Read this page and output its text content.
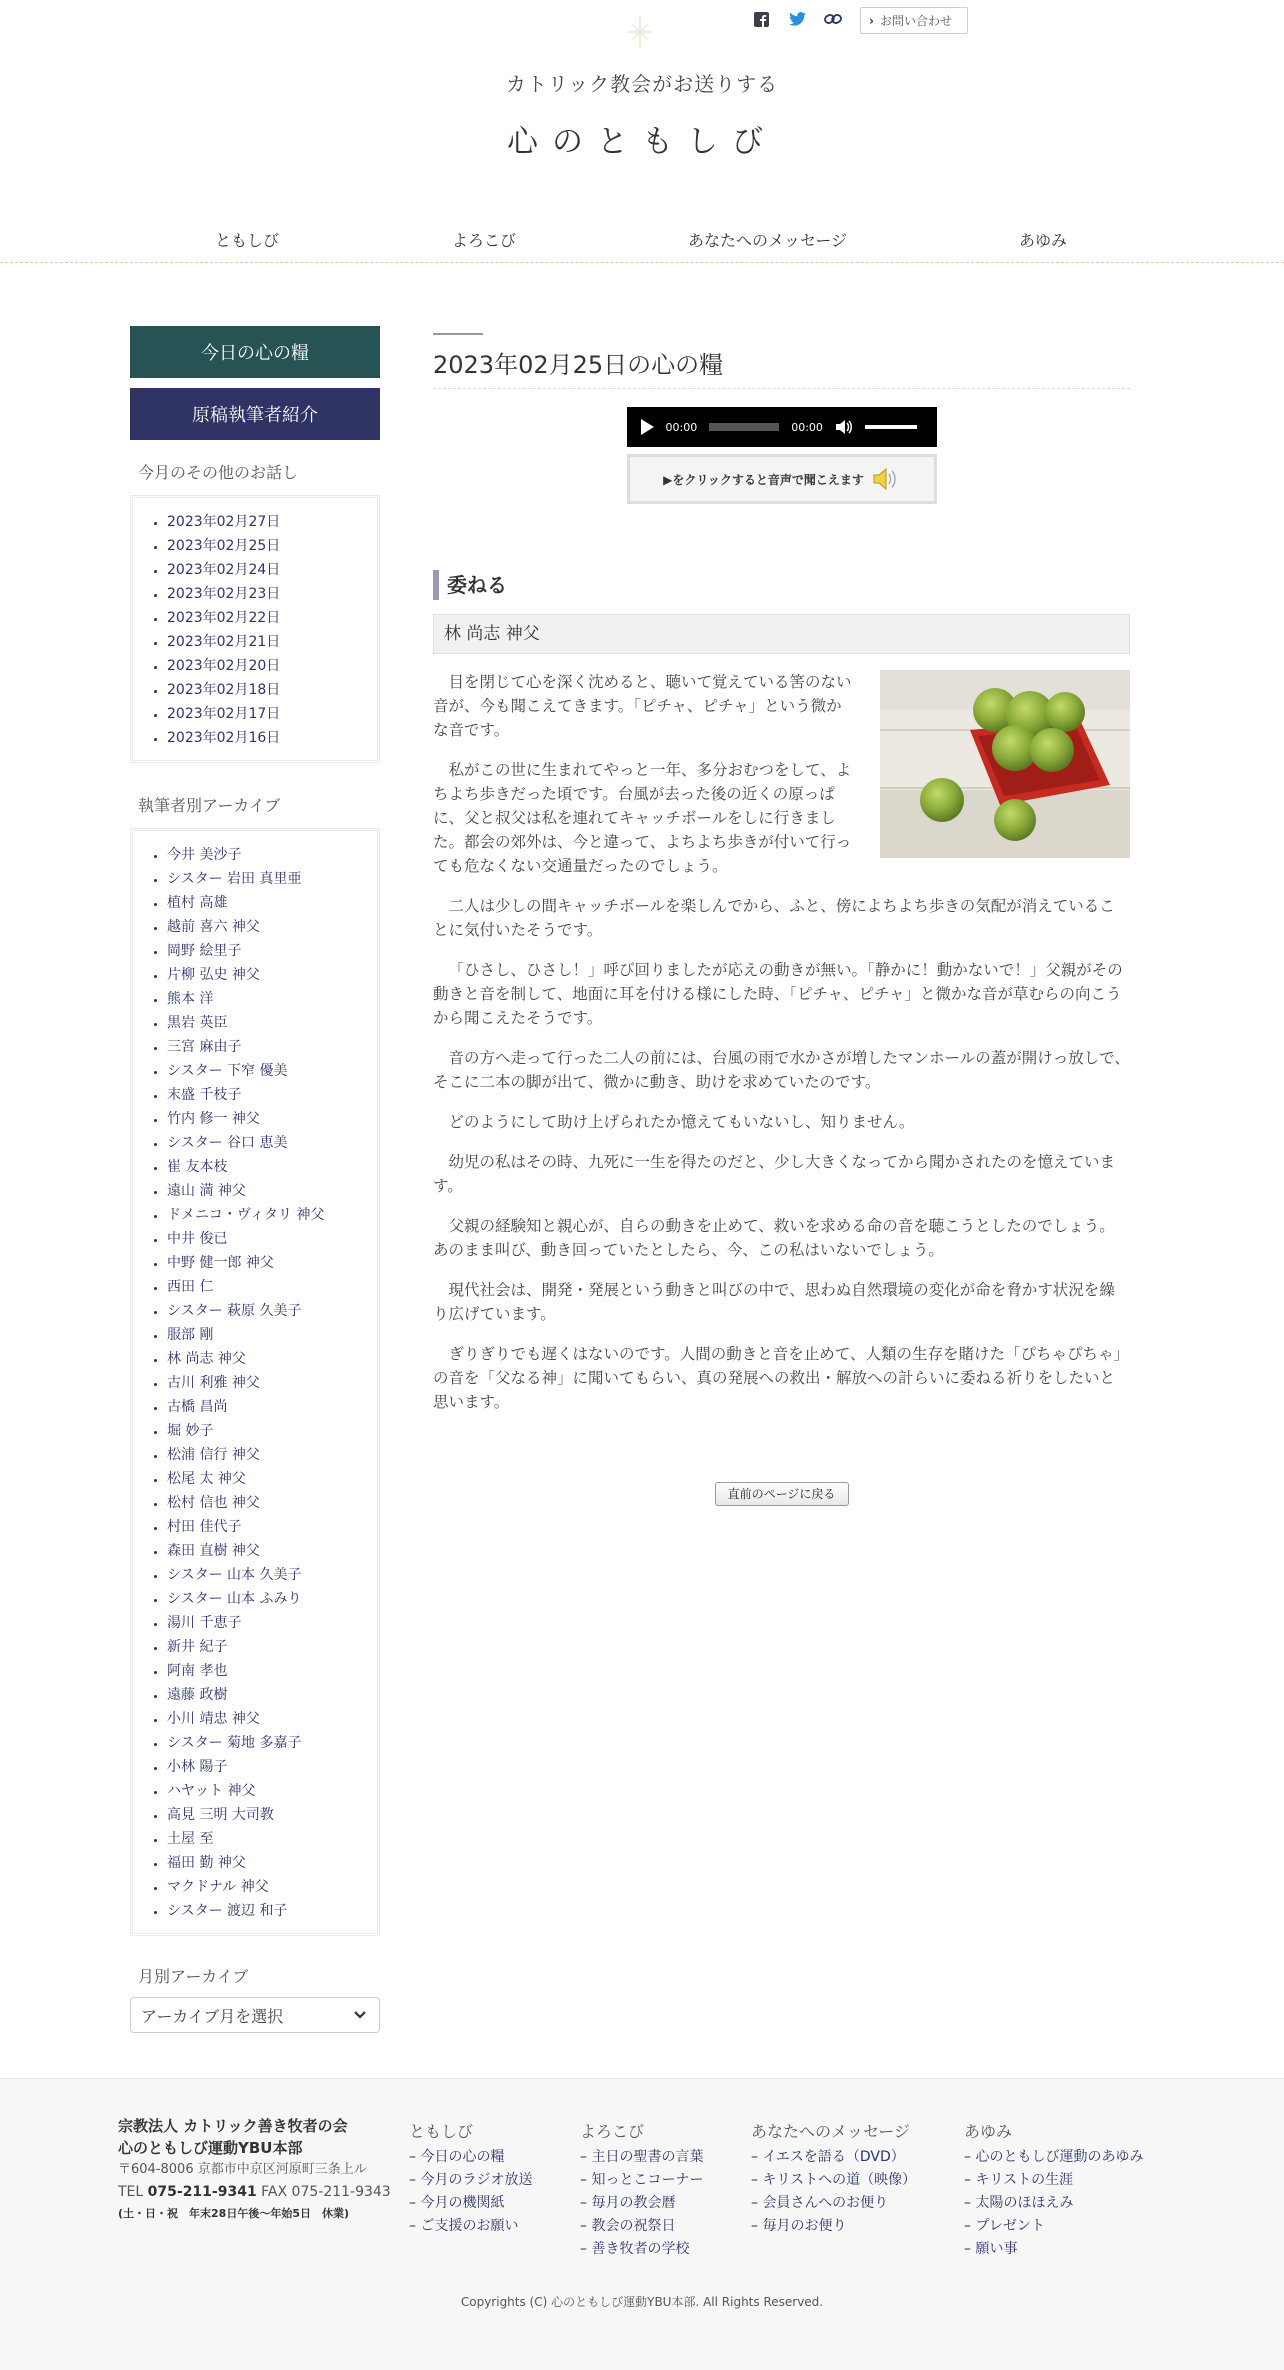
› お問い合わせ
カトリック教会がお送りする
心のともしび
ともしび	よろこび	あなたへのメッセージ	あゆみ
今日の心の糧
原稿執筆者紹介
今月のその他のお話し
• 2023年02月27日
• 2023年02月25日
• 2023年02月24日
• 2023年02月23日
• 2023年02月22日
• 2023年02月21日
• 2023年02月20日
• 2023年02月18日
• 2023年02月17日
• 2023年02月16日
執筆者別アーカイブ
• 今井 美沙子
• シスター 岩田 真里亜
• 植村 高雄
• 越前 喜六 神父
• 岡野 絵里子
• 片柳 弘史 神父
• 熊本 洋
• 黒岩 英臣
• 三宮 麻由子
• シスター 下窄 優美
• 末盛 千枝子
• 竹内 修一 神父
• シスター 谷口 恵美
• 崔 友本枝
• 遠山 満 神父
• ドメニコ・ヴィタリ 神父
• 中井 俊已
• 中野 健一郎 神父
• 西田 仁
• シスター 萩原 久美子
• 服部 剛
• 林 尚志 神父
• 古川 利雅 神父
• 古橋 昌尚
• 堀 妙子
• 松浦 信行 神父
• 松尾 太 神父
• 松村 信也 神父
• 村田 佳代子
• 森田 直樹 神父
• シスター 山本 久美子
• シスター 山本 ふみり
• 湯川 千恵子
• 新井 紀子
• 阿南 孝也
• 遠藤 政樹
• 小川 靖忠 神父
• シスター 菊地 多嘉子
• 小林 陽子
• ハヤット 神父
• 高見 三明 大司教
• 土屋 至
• 福田 勤 神父
• マクドナル 神父
• シスター 渡辺 和子
月別アーカイブ
アーカイブ月を選択
2023年02月25日の心の糧
00:00	00:00
▶をクリックすると音声で聞こえます
委ねる
林 尚志 神父

目を閉じて心を深く沈めると、聴いて覚えている筈のない音が、今も聞こえてきます。「ピチャ、ピチャ」という微かな音です。

私がこの世に生まれてやっと一年、多分おむつをして、よちよち歩きだった頃です。台風が去った後の近くの原っぱに、父と叔父は私を連れてキャッチボールをしに行きました。都会の郊外は、今と違って、よちよち歩きが付いて行っても危なくない交通量だったのでしょう。

二人は少しの間キャッチボールを楽しんでから、ふと、傍によちよち歩きの気配が消えていることに気付いたそうです。

「ひさし、ひさし！」呼び回りましたが応えの動きが無い。「静かに！動かないで！」父親がその動きと音を制して、地面に耳を付ける様にした時、「ピチャ、ピチャ」と微かな音が草むらの向こうから聞こえたそうです。

音の方へ走って行った二人の前には、台風の雨で水かさが増したマンホールの蓋が開けっ放しで、そこに二本の脚が出て、微かに動き、助けを求めていたのです。

どのようにして助け上げられたか憶えてもいないし、知りません。

幼児の私はその時、九死に一生を得たのだと、少し大きくなってから聞かされたのを憶えています。

父親の経験知と親心が、自らの動きを止めて、救いを求める命の音を聴こうとしたのでしょう。あのまま叫び、動き回っていたとしたら、今、この私はいないでしょう。

現代社会は、開発・発展という動きと叫びの中で、思わぬ自然環境の変化が命を脅かす状況を繰り広げています。

ぎりぎりでも遅くはないのです。人間の動きと音を止めて、人類の生存を賭けた「ぴちゃぴちゃ」の音を「父なる神」に聞いてもらい、真の発展への救出・解放への計らいに委ねる祈りをしたいと思います。

直前のページに戻る
宗教法人 カトリック善き牧者の会
心のともしび運動YBU本部
〒604-8006 京都市中京区河原町三条上ル
TEL 075-211-9341 FAX 075-211-9343
(土・日・祝　年末28日午後〜年始5日　休業)
ともしび
– 今日の心の糧
– 今月のラジオ放送
– 今月の機関紙
– ご支援のお願い
よろこび
– 主日の聖書の言葉
– 知っとこコーナー
– 毎月の教会暦
– 教会の祝祭日
– 善き牧者の学校
あなたへのメッセージ
– イエスを語る（DVD）
– キリストへの道（映像）
– 会員さんへのお便り
– 毎月のお便り
あゆみ
– 心のともしび運動のあゆみ
– キリストの生涯
– 太陽のほほえみ
– プレゼント
– 願い事
Copyrights (C) 心のともしび運動YBU本部. All Rights Reserved.
